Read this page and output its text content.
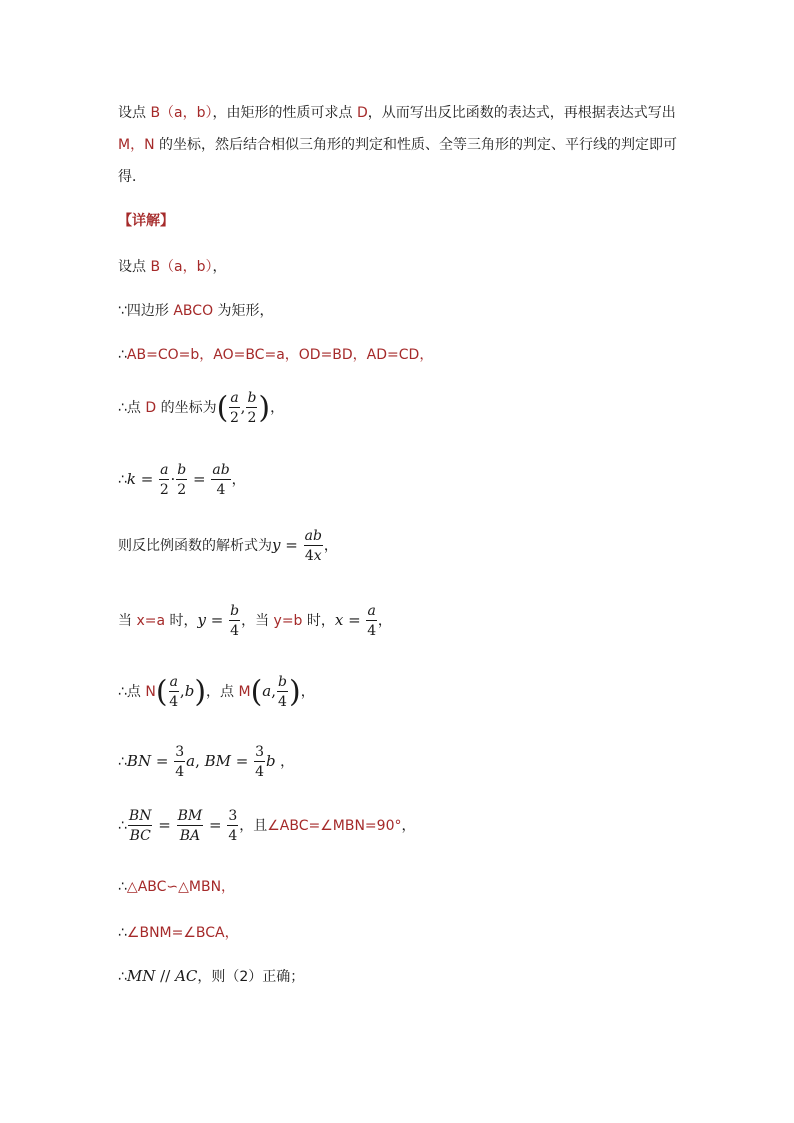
设点 B（a，b），由矩形的性质可求点 D，从而写出反比函数的表达式，再根据表达式写出
M，N 的坐标，然后结合相似三角形的判定和性质、全等三角形的判定、平行线的判定即可
得．
【详解】
设点 B（a，b），
∵四边形 ABCO 为矩形，
∴AB=CO=b，AO=BC=a，OD=BD，AD=CD，
∴点 D 的坐标为( $\frac{a}{2}$ , $\frac{b}{2}$ )，
∴k = $\frac{a}{2} \cdot \frac{b}{2} = \frac{ab}{4}$ ，
则反比例函数的解析式为$y = \frac{ab}{4x}$ ，
当 x=a 时，$y = \frac{b}{4}$ ，当 y=b 时，$x = \frac{a}{4}$ ，
∴点 $N( \frac{a}{4} ,b)$，点 M(a, $\frac{b}{4}$ )，
∴BN = $\frac{3}{4} a$, BM = $\frac{3}{4}$ b ，
∴ $\frac{BN}{BC} = \frac{BM}{BA} = \frac{3}{4}$ ，且∠ABC=∠MBN=90°，
∴△ABC∽△MBN，
∴∠BNM=∠BCA，
∴MN // AC，则（2）正确；
